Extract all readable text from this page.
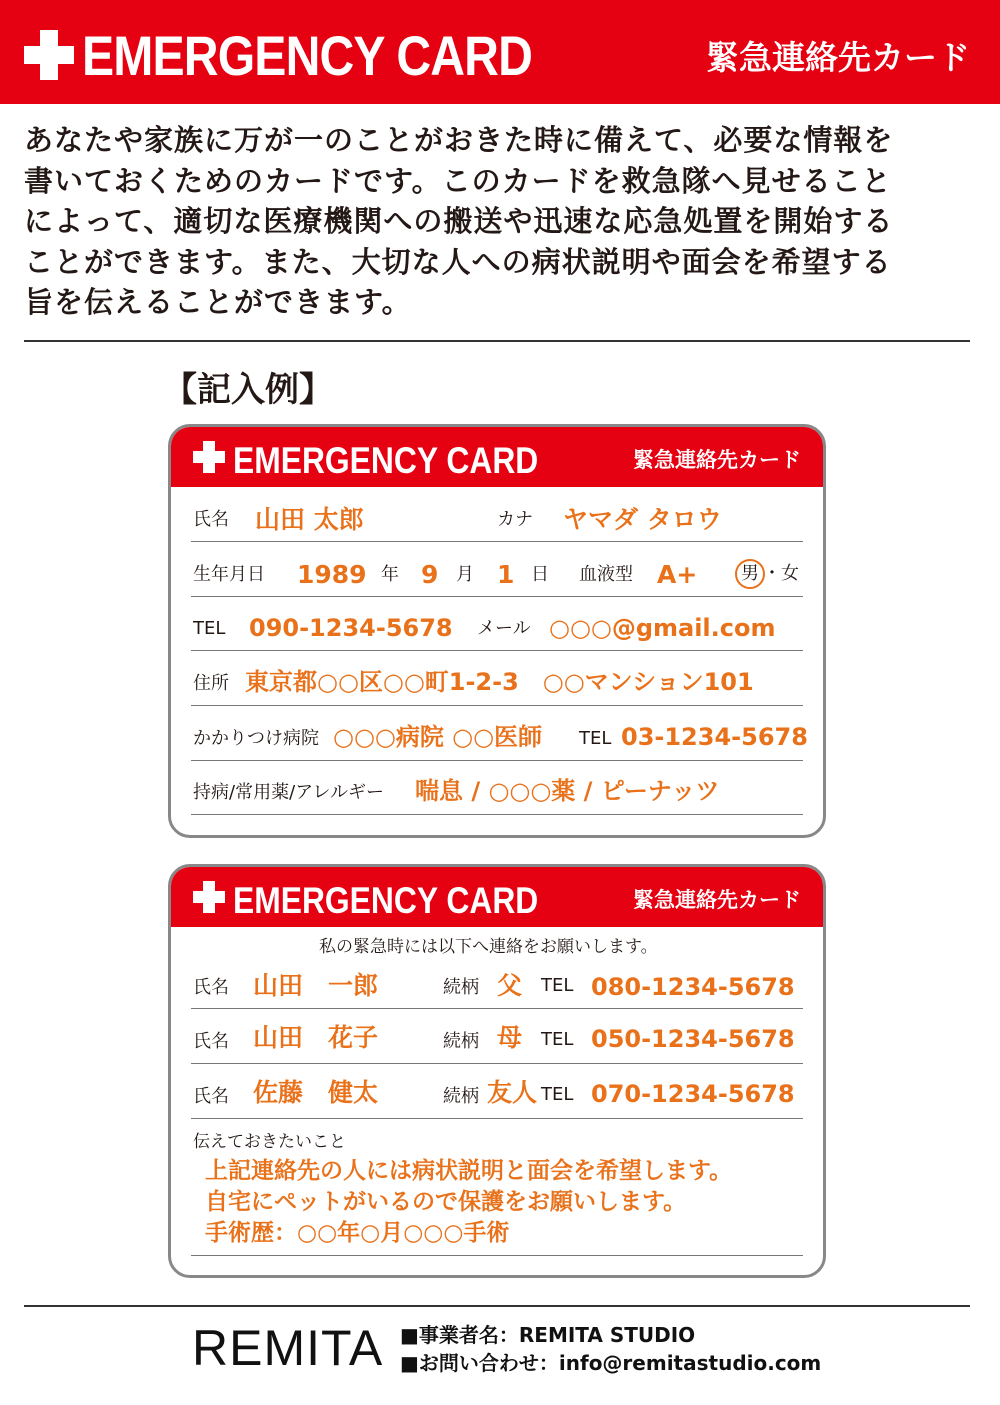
EMERGENCY CARD	緊急連絡先カード
あなたや家族に万が一のことがおきた時に備えて、必要な情報を
書いておくためのカードです。このカードを救急隊へ見せること
によって、適切な医療機関への搬送や迅速な応急処置を開始する
ことができます。また、大切な人への病状説明や面会を希望する
旨を伝えることができます。
【記入例】
EMERGENCY CARD	緊急連絡先カード
氏名 山田 太郎	カナ ヤマダ タロウ
生年月日 1989 年 9 月 1 日 血液型 A+ 男 ・ 女
TEL 090-1234-5678 メール ○○○@gmail.com
住所 東京都○○区○○町1-2-3　○○マンション101
かかりつけ病院 ○○○病院 ○○医師 TEL 03-1234-5678
持病/常用薬/アレルギー 喘息 / ○○○薬 / ピーナッツ
EMERGENCY CARD	緊急連絡先カード
私の緊急時には以下へ連絡をお願いします。
氏名 山田　一郎	続柄 父 TEL 080-1234-5678
氏名 山田　花子	続柄 母 TEL 050-1234-5678
氏名 佐藤　健太	続柄 友人 TEL 070-1234-5678
伝えておきたいこと
上記連絡先の人には病状説明と面会を希望します。
自宅にペットがいるので保護をお願いします。
手術歴：○○年○月○○○手術
REMITA ■事業者名：REMITA STUDIO
■お問い合わせ：info@remitastudio.com
